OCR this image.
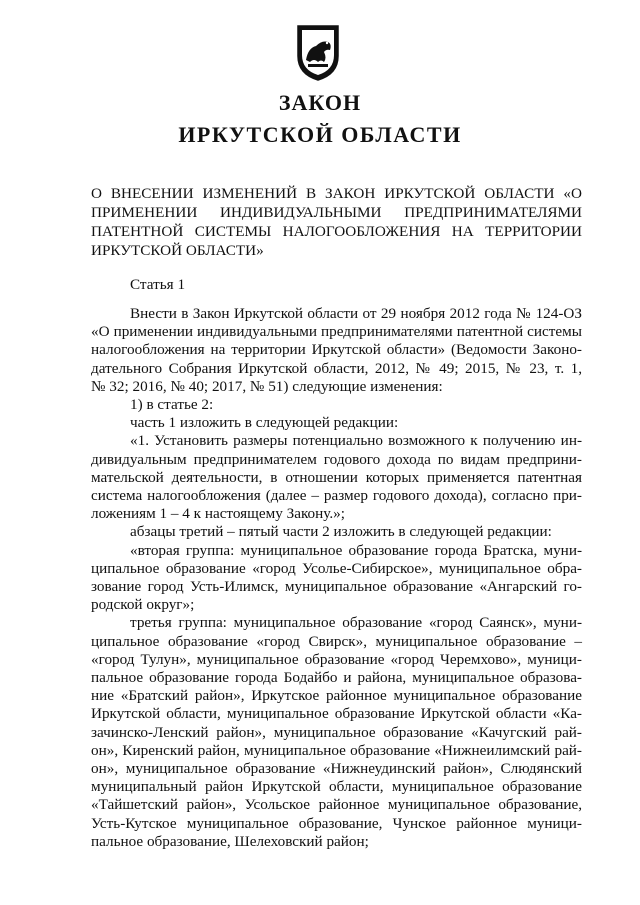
ЗАКОН
ИРКУТСКОЙ ОБЛАСТИ

О ВНЕСЕНИИ ИЗМЕНЕНИЙ В ЗАКОН ИРКУТСКОЙ ОБЛАСТИ «О
ПРИМЕНЕНИИ ИНДИВИДУАЛЬНЫМИ ПРЕДПРИНИМАТЕЛЯМИ
ПАТЕНТНОЙ СИСТЕМЫ НАЛОГООБЛОЖЕНИЯ НА ТЕРРИТОРИИ
ИРКУТСКОЙ ОБЛАСТИ»

Статья 1

Внести в Закон Иркутской области от 29 ноября 2012 года № 124-ОЗ
«О применении индивидуальными предпринимателями патентной системы
налогообложения на территории Иркутской области» (Ведомости Законо-
дательного Собрания Иркутской области, 2012, № 49; 2015, № 23, т. 1,
№ 32; 2016, № 40; 2017, № 51) следующие изменения:
1) в статье 2:
часть 1 изложить в следующей редакции:
«1. Установить размеры потенциально возможного к получению ин-
дивидуальным предпринимателем годового дохода по видам предприни-
мательской деятельности, в отношении которых применяется патентная
система налогообложения (далее – размер годового дохода), согласно при-
ложениям 1 – 4 к настоящему Закону.»;
абзацы третий – пятый части 2 изложить в следующей редакции:
«вторая группа: муниципальное образование города Братска, муни-
ципальное образование «город Усолье-Сибирское», муниципальное обра-
зование город Усть-Илимск, муниципальное образование «Ангарский го-
родской округ»;
третья группа: муниципальное образование «город Саянск», муни-
ципальное образование «город Свирск», муниципальное образование –
«город Тулун», муниципальное образование «город Черемхово», муници-
пальное образование города Бодайбо и района, муниципальное образова-
ние «Братский район», Иркутское районное муниципальное образование
Иркутской области, муниципальное образование Иркутской области «Ка-
зачинско-Ленский район», муниципальное образование «Качугский рай-
он», Киренский район, муниципальное образование «Нижнеилимский рай-
он», муниципальное образование «Нижнеудинский район», Слюдянский
муниципальный район Иркутской области, муниципальное образование
«Тайшетский район», Усольское районное муниципальное образование,
Усть-Кутское муниципальное образование, Чунское районное муници-
пальное образование, Шелеховский район;
